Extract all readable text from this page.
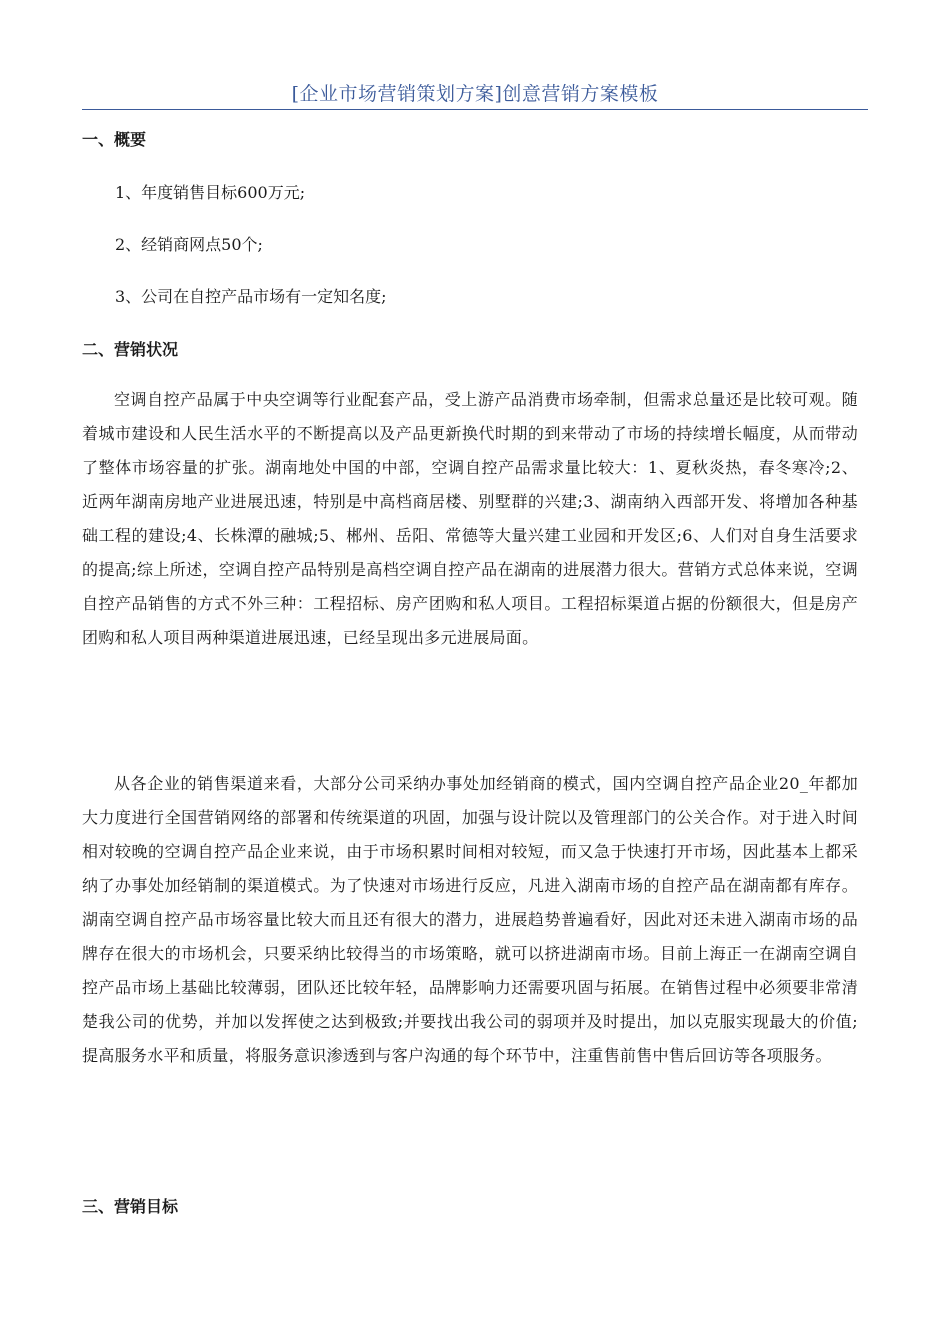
[企业市场营销策划方案]创意营销方案模板
一、概要
1、年度销售目标600万元;
2、经销商网点50个;
3、公司在自控产品市场有一定知名度;
二、营销状况
空调自控产品属于中央空调等行业配套产品，受上游产品消费市场牵制，但需求总量还是比较可观。随着城市建设和人民生活水平的不断提高以及产品更新换代时期的到来带动了市场的持续增长幅度，从而带动了整体市场容量的扩张。湖南地处中国的中部，空调自控产品需求量比较大：1、夏秋炎热，春冬寒冷;2、近两年湖南房地产业进展迅速，特别是中高档商居楼、别墅群的兴建;3、湖南纳入西部开发、将增加各种基础工程的建设;4、长株潭的融城;5、郴州、岳阳、常德等大量兴建工业园和开发区;6、人们对自身生活要求的提高;综上所述，空调自控产品特别是高档空调自控产品在湖南的进展潜力很大。营销方式总体来说，空调自控产品销售的方式不外三种：工程招标、房产团购和私人项目。工程招标渠道占据的份额很大，但是房产团购和私人项目两种渠道进展迅速，已经呈现出多元进展局面。
从各企业的销售渠道来看，大部分公司采纳办事处加经销商的模式，国内空调自控产品企业20_年都加大力度进行全国营销网络的部署和传统渠道的巩固，加强与设计院以及管理部门的公关合作。对于进入时间相对较晚的空调自控产品企业来说，由于市场积累时间相对较短，而又急于快速打开市场，因此基本上都采纳了办事处加经销制的渠道模式。为了快速对市场进行反应，凡进入湖南市场的自控产品在湖南都有库存。湖南空调自控产品市场容量比较大而且还有很大的潜力，进展趋势普遍看好，因此对还未进入湖南市场的品牌存在很大的市场机会，只要采纳比较得当的市场策略，就可以挤进湖南市场。目前上海正一在湖南空调自控产品市场上基础比较薄弱，团队还比较年轻，品牌影响力还需要巩固与拓展。在销售过程中必须要非常清楚我公司的优势，并加以发挥使之达到极致;并要找出我公司的弱项并及时提出，加以克服实现最大的价值;提高服务水平和质量，将服务意识渗透到与客户沟通的每个环节中，注重售前售中售后回访等各项服务。
三、营销目标
